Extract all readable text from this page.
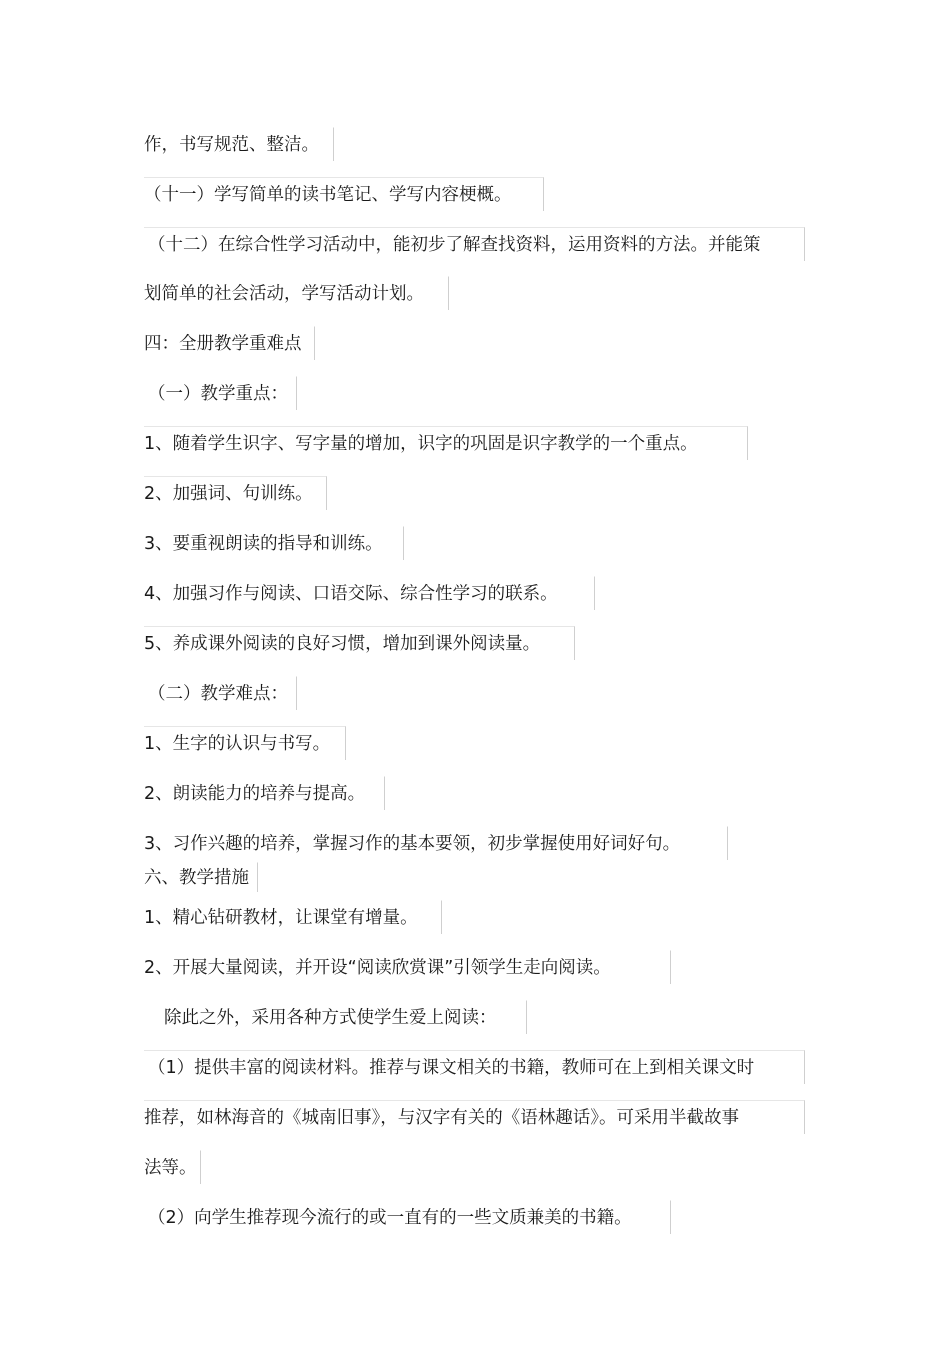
作，书写规范、整洁。
（十一）学写简单的读书笔记、学写内容梗概。
（十二）在综合性学习活动中，能初步了解查找资料，运用资料的方法。并能策
划简单的社会活动，学写活动计划。
四：全册教学重难点
（一）教学重点：
1、随着学生识字、写字量的增加，识字的巩固是识字教学的一个重点。
2、加强词、句训练。
3、要重视朗读的指导和训练。
4、加强习作与阅读、口语交际、综合性学习的联系。
5、养成课外阅读的良好习惯，增加到课外阅读量。
（二）教学难点：
1、生字的认识与书写。
2、朗读能力的培养与提高。
3、习作兴趣的培养，掌握习作的基本要领，初步掌握使用好词好句。
六、教学措施
1、精心钻研教材，让课堂有增量。
2、开展大量阅读，并开设“阅读欣赏课”引领学生走向阅读。
除此之外，采用各种方式使学生爱上阅读：
（1）提供丰富的阅读材料。推荐与课文相关的书籍，教师可在上到相关课文时
推荐，如林海音的《城南旧事》，与汉字有关的《语林趣话》。可采用半截故事
法等。
（2）向学生推荐现今流行的或一直有的一些文质兼美的书籍。
